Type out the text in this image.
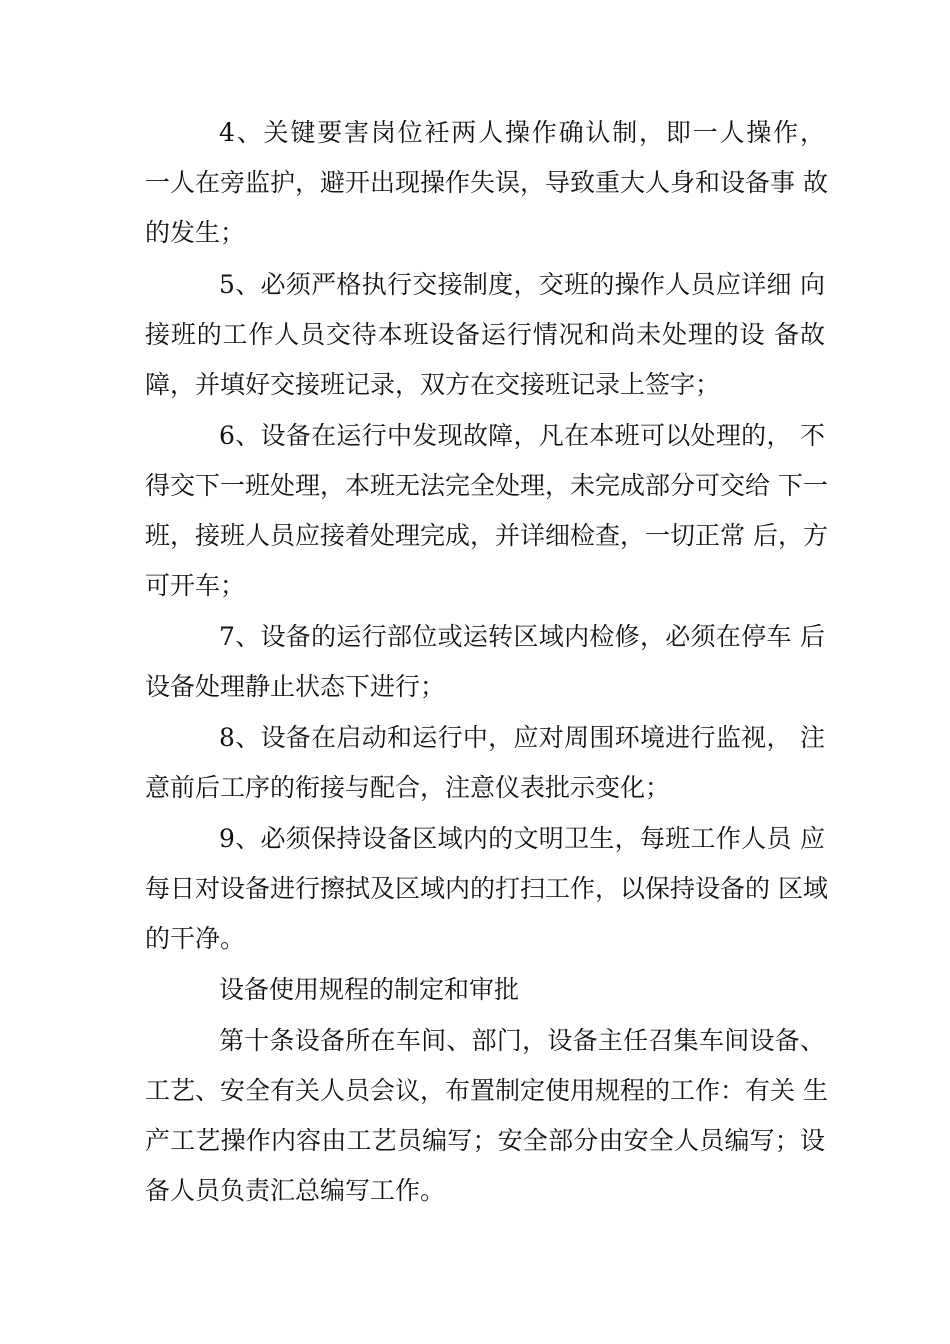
4、关键要害岗位衽两人操作确认制，即一人操作，
一人在旁监护，避开出现操作失误，导致重大人身和设备事 故
的发生；
5、必须严格执行交接制度，交班的操作人员应详细 向
接班的工作人员交待本班设备运行情况和尚未处理的设 备故
障，并填好交接班记录，双方在交接班记录上签字；
6、设备在运行中发现故障，凡在本班可以处理的， 不
得交下一班处理，本班无法完全处理，未完成部分可交给 下一
班，接班人员应接着处理完成，并详细检查，一切正常 后，方
可开车；
7、设备的运行部位或运转区域内检修，必须在停车 后
设备处理静止状态下进行；
8、设备在启动和运行中，应对周围环境进行监视， 注
意前后工序的衔接与配合，注意仪表批示变化；
9、必须保持设备区域内的文明卫生，每班工作人员 应
每日对设备进行擦拭及区域内的打扫工作，以保持设备的 区域
的干净。
设备使用规程的制定和审批
第十条设备所在车间、部门，设备主任召集车间设备、
工艺、安全有关人员会议，布置制定使用规程的工作：有关 生
产工艺操作内容由工艺员编写；安全部分由安全人员编写；设
备人员负责汇总编写工作。
